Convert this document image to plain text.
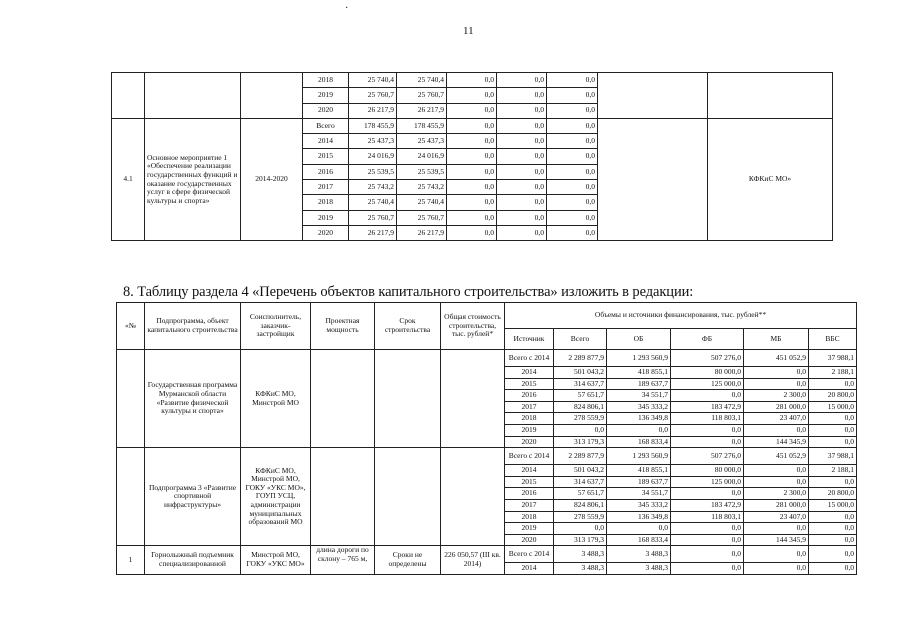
·
11
			2018	25 740,4	25 740,4	0,0	0,0	0,0		
			2019	25 760,7	25 760,7	0,0	0,0	0,0		
			2020	26 217,9	26 217,9	0,0	0,0	0,0		
4.1	Основное мероприятие 1 «Обеспечение реализации государственных функций и оказание государственных услуг в сфере физической культуры и спорта»	2014-2020	Всего	178 455,9	178 455,9	0,0	0,0	0,0		КФКиС МО»
			2014	25 437,3	25 437,3	0,0	0,0	0,0		
			2015	24 016,9	24 016,9	0,0	0,0	0,0		
			2016	25 539,5	25 539,5	0,0	0,0	0,0		
			2017	25 743,2	25 743,2	0,0	0,0	0,0		
			2018	25 740,4	25 740,4	0,0	0,0	0,0		
			2019	25 760,7	25 760,7	0,0	0,0	0,0		
			2020	26 217,9	26 217,9	0,0	0,0	0,0		
8. Таблицу раздела 4 «Перечень объектов капитального строительства» изложить в редакции:
«№	Подпрограмма, объект капитального строительства	Соисполнитель, заказчик-застройщик	Проектная мощность	Срок строительства	Общая стоимость строительства, тыс. рублей*	Объемы и источники финансирования, тыс. рублей**					
						Источник	Всего	ОБ	ФБ	МБ	ВБС
	Государственная программа Мурманской области «Развитие физической культуры и спорта»	КФКиС МО, Минстрой МО				Всего с 2014	2 289 877,9	1 293 560,9	507 276,0	451 052,9	37 988,1
						2014	501 043,2	418 855,1	80 000,0	0,0	2 188,1
						2015	314 637,7	189 637,7	125 000,0	0,0	0,0
						2016	57 651,7	34 551,7	0,0	2 300,0	20 800,0
						2017	824 806,1	345 333,2	183 472,9	281 000,0	15 000,0
						2018	278 559,9	136 349,8	118 803,1	23 407,0	0,0
						2019	0,0	0,0	0,0	0,0	0,0
						2020	313 179,3	168 833,4	0,0	144 345,9	0,0
	Подпрограмма 3 «Развитие спортивной инфраструктуры»	КФКиС МО, Минстрой МО, ГОКУ «УКС МО», ГОУП УСЦ, администрации муниципальных образований МО				Всего с 2014	2 289 877,9	1 293 560,9	507 276,0	451 052,9	37 988,1
						2014	501 043,2	418 855,1	80 000,0	0,0	2 188,1
						2015	314 637,7	189 637,7	125 000,0	0,0	0,0
						2016	57 651,7	34 551,7	0,0	2 300,0	20 800,0
						2017	824 806,1	345 333,2	183 472,9	281 000,0	15 000,0
						2018	278 559,9	136 349,8	118 803,1	23 407,0	0,0
						2019	0,0	0,0	0,0	0,0	0,0
						2020	313 179,3	168 833,4	0,0	144 345,9	0,0
1	Горнолыжный подъемник специализированной	Минстрой МО, ГОКУ «УКС МО»	длина дороги по склону – 765 м,	Сроки не определены	226 050,57 (III кв. 2014)	Всего с 2014	3 488,3	3 488,3	0,0	0,0	0,0
						2014	3 488,3	3 488,3	0,0	0,0	0,0
